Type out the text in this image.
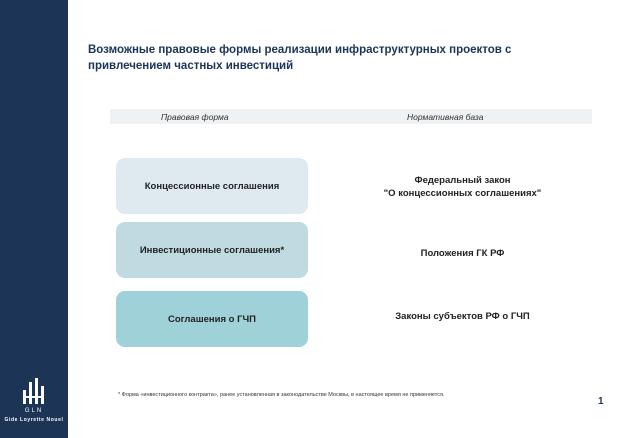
GLN
Gide Loyrette Nouel
Возможные правовые формы реализации инфраструктурных проектов с
привлечением частных инвестиций
Правовая форма	Нормативная база
Концессионные соглашения	Федеральный закон
"О концессионных соглашениях"
Инвестиционные соглашения*	Положения ГК РФ
Соглашения о ГЧП	Законы субъектов РФ о ГЧП
* Форма «инвестиционного контракта», ранее установленная в законодательстве Москвы, в настоящее время не применяется.
1
